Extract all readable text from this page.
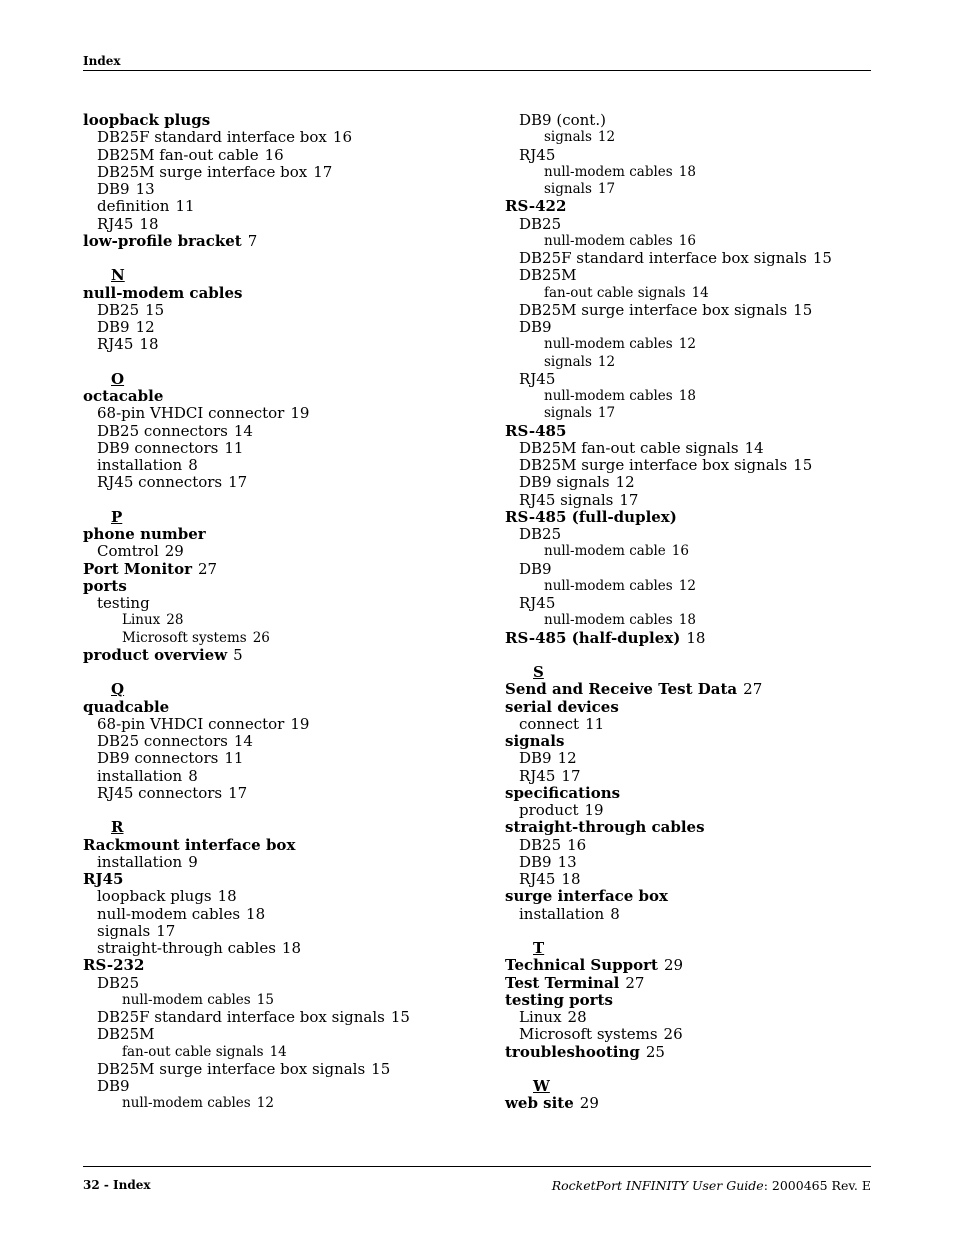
Index
loopback plugs
DB25F standard interface box 16
DB25M fan-out cable 16
DB25M surge interface box 17
DB9 13
definition 11
RJ45 18
low-profile bracket 7
N
null-modem cables
DB25 15
DB9 12
RJ45 18
O
octacable
68-pin VHDCI connector 19
DB25 connectors 14
DB9 connectors 11
installation 8
RJ45 connectors 17
P
phone number
Comtrol 29
Port Monitor 27
ports
testing
Linux 28
Microsoft systems 26
product overview 5
Q
quadcable
68-pin VHDCI connector 19
DB25 connectors 14
DB9 connectors 11
installation 8
RJ45 connectors 17
R
Rackmount interface box
installation 9
RJ45
loopback plugs 18
null-modem cables 18
signals 17
straight-through cables 18
RS-232
DB25
null-modem cables 15
DB25F standard interface box signals 15
DB25M
fan-out cable signals 14
DB25M surge interface box signals 15
DB9
null-modem cables 12
DB9 (cont.)
signals 12
RJ45
null-modem cables 18
signals 17
RS-422
DB25
null-modem cables 16
DB25F standard interface box signals 15
DB25M
fan-out cable signals 14
DB25M surge interface box signals 15
DB9
null-modem cables 12
signals 12
RJ45
null-modem cables 18
signals 17
RS-485
DB25M fan-out cable signals 14
DB25M surge interface box signals 15
DB9 signals 12
RJ45 signals 17
RS-485 (full-duplex)
DB25
null-modem cable 16
DB9
null-modem cables 12
RJ45
null-modem cables 18
RS-485 (half-duplex) 18
S
Send and Receive Test Data 27
serial devices
connect 11
signals
DB9 12
RJ45 17
specifications
product 19
straight-through cables
DB25 16
DB9 13
RJ45 18
surge interface box
installation 8
T
Technical Support 29
Test Terminal 27
testing ports
Linux 28
Microsoft systems 26
troubleshooting 25
W
web site 29
32 - Index	RocketPort INFINITY User Guide: 2000465 Rev. E
